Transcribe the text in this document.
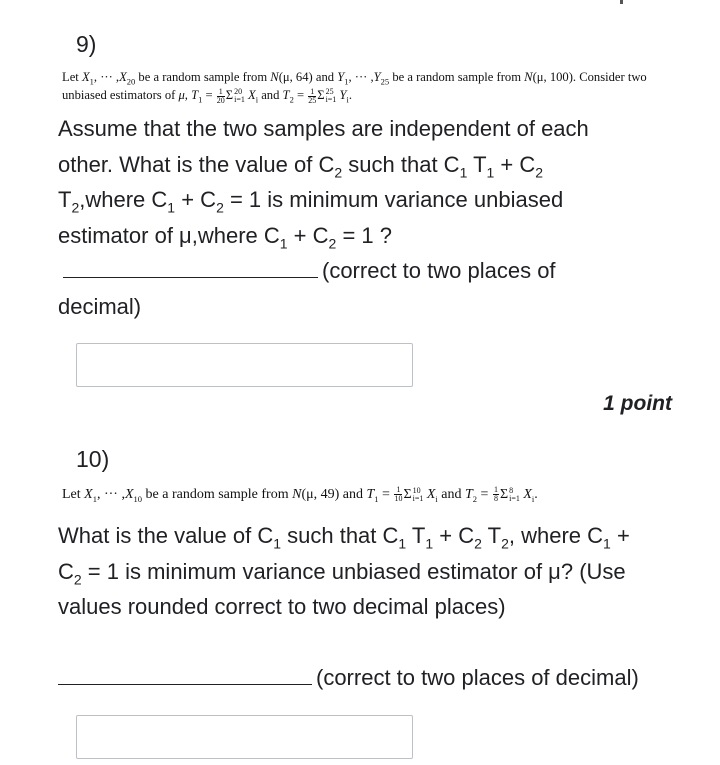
9)
Let $X_1$, ··· $,X_{20}$ be a random sample from N(μ, 64) and $Y_1$, ··· $,Y_{25}$ be a random sample from N(μ, 100). Consider two
unbiased estimators of μ, $T_1 = \frac{1}{20}$ Σ 20
i=1 $X_i$ and $T_2 = \frac{1}{25}$ Σ 25
i=1 $Y_i$.
Assume that the two samples are independent of each
other. What is the value of $C_2$ such that $C_1$ $T_1 + C_2$
$T_2,where$ $C_1 + C_2 = 1$ is minimum variance unbiased
estimator of μ,where $C_1 + C_2 = 1$ ?
(correct to two places of
decimal)
1 point
10)
Let $X_1$, ··· $,X_{10}$ be a random sample from N(μ, 49) and $T_1 = \frac{1}{10}$ Σ 10
i=1 $X_i$ and $T_2 = \frac{1}{8}$ Σ 8
i=1 $X_i$.
What is the value of $C_1$ such that $C_1$ $T_1 + C_2$ $T_2$, where $C_1$ +
$C_2 = 1$ is minimum variance unbiased estimator of μ? (Use
values rounded correct to two decimal places)
(correct to two places of decimal)
